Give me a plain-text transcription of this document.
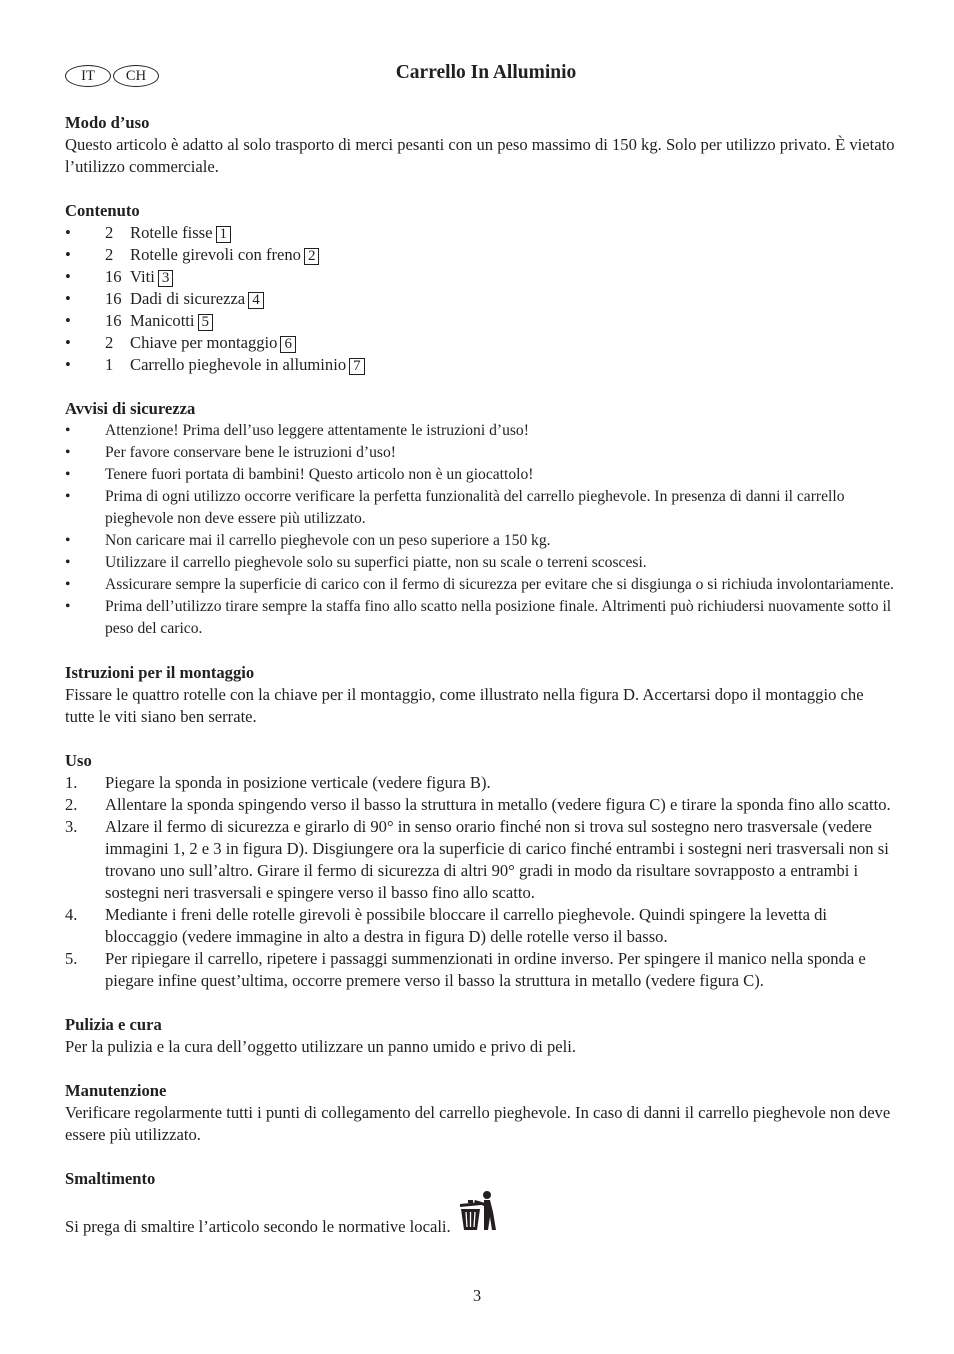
IT	CH	Carrello In Alluminio
Modo d’uso

Questo articolo è adatto al solo trasporto di merci pesanti con un peso massimo di 150 kg. Solo per utilizzo privato. È vietato l’utilizzo commerciale.

Contenuto
•	2	Rotelle fisse 1
•	2	Rotelle girevoli con freno 2
•	16 Viti 3
•	16 Dadi di sicurezza 4
•	16 Manicotti 5
•	2	Chiave per montaggio 6
•	1	Carrello pieghevole in alluminio 7
Avvisi di sicurezza
•	Attenzione! Prima dell’uso leggere attentamente le istruzioni d’uso!
•	Per favore conservare bene le istruzioni d’uso!
•	Tenere fuori portata di bambini! Questo articolo non è un giocattolo!
•	Prima di ogni utilizzo occorre verificare la perfetta funzionalità del carrello pieghevole. In presenza di danni il carrello pieghevole non deve essere più utilizzato.
•	Non caricare mai il carrello pieghevole con un peso superiore a 150 kg.
•	Utilizzare il carrello pieghevole solo su superfici piatte, non su scale o terreni scoscesi.
•	Assicurare sempre la superficie di carico con il fermo di sicurezza per evitare che si disgiunga o si richiuda involontariamente.
•	Prima dell’utilizzo tirare sempre la staffa fino allo scatto nella posizione finale. Altrimenti può richiudersi nuovamente sotto il peso del carico.
Istruzioni per il montaggio

Fissare le quattro rotelle con la chiave per il montaggio, come illustrato nella figura D. Accertarsi dopo il montaggio che tutte le viti siano ben serrate.

Uso
1.	Piegare la sponda in posizione verticale (vedere figura B).
2.	Allentare la sponda spingendo verso il basso la struttura in metallo (vedere figura C) e tirare la sponda fino allo scatto.
3.	Alzare il fermo di sicurezza e girarlo di 90° in senso orario finché non si trova sul sostegno nero trasversale (vedere immagini 1, 2 e 3 in figura D). Disgiungere ora la superficie di carico finché entrambi i sostegni neri trasversali non si trovano uno sull’altro. Girare il fermo di sicurezza di altri 90° gradi in modo da risultare sovrapposto a entrambi i sostegni neri trasversali e spingere verso il basso fino allo scatto.
4.	Mediante i freni delle rotelle girevoli è possibile bloccare il carrello pieghevole. Quindi spingere la levetta di bloccaggio (vedere immagine in alto a destra in figura D) delle rotelle verso il basso.
5.	Per ripiegare il carrello, ripetere i passaggi summenzionati in ordine inverso. Per spingere il manico nella sponda e piegare infine quest’ultima, occorre premere verso il basso la struttura in metallo (vedere figura C).
Pulizia e cura

Per la pulizia e la cura dell’oggetto utilizzare un panno umido e privo di peli.

Manutenzione

Verificare regolarmente tutti i punti di collegamento del carrello pieghevole. In caso di danni il carrello pieghevole non deve essere più utilizzato.

Smaltimento

Si prega di smaltire l’articolo secondo le normative locali.

3
